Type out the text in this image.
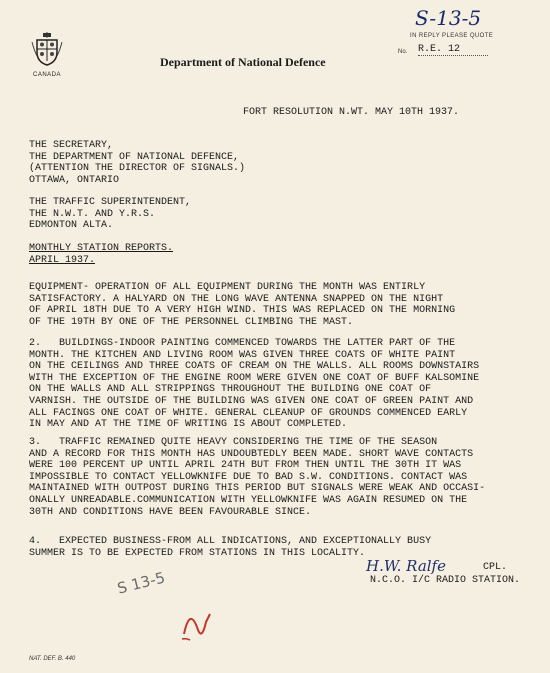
CANADA
Department of National Defence
S-13-5
IN REPLY PLEASE QUOTE
No. R.E. 12
FORT RESOLUTION N.WT. MAY 10TH 1937.
THE SECRETARY,
THE DEPARTMENT OF NATIONAL DEFENCE,
(ATTENTION THE DIRECTOR OF SIGNALS.)
OTTAWA, ONTARIO
THE TRAFFIC SUPERINTENDENT,
THE N.W.T. AND Y.R.S.
EDMONTON ALTA.
MONTHLY STATION REPORTS.
APRIL 1937.
EQUIPMENT- OPERATION OF ALL EQUIPMENT DURING THE MONTH WAS ENTIRLY
SATISFACTORY. A HALYARD ON THE LONG WAVE ANTENNA SNAPPED ON THE NIGHT
OF APRIL 18TH DUE TO A VERY HIGH WIND. THIS WAS REPLACED ON THE MORNING
OF THE 19TH BY ONE OF THE PERSONNEL CLIMBING THE MAST.
2.   BUILDINGS-INDOOR PAINTING COMMENCED TOWARDS THE LATTER PART OF THE
MONTH. THE KITCHEN AND LIVING ROOM WAS GIVEN THREE COATS OF WHITE PAINT
ON THE CEILINGS AND THREE COATS OF CREAM ON THE WALLS. ALL ROOMS DOWNSTAIRS
WITH THE EXCEPTION OF THE ENGINE ROOM WERE GIVEN ONE COAT OF BUFF KALSOMINE
ON THE WALLS AND ALL STRIPPINGS THROUGHOUT THE BUILDING ONE COAT OF
VARNISH. THE OUTSIDE OF THE BUILDING WAS GIVEN ONE COAT OF GREEN PAINT AND
ALL FACINGS ONE COAT OF WHITE. GENERAL CLEANUP OF GROUNDS COMMENCED EARLY
IN MAY AND AT THE TIME OF WRITING IS ABOUT COMPLETED.
3.   TRAFFIC REMAINED QUITE HEAVY CONSIDERING THE TIME OF THE SEASON
AND A RECORD FOR THIS MONTH HAS UNDOUBTEDLY BEEN MADE. SHORT WAVE CONTACTS
WERE 100 PERCENT UP UNTIL APRIL 24TH BUT FROM THEN UNTIL THE 30TH IT WAS
IMPOSSIBLE TO CONTACT YELLOWKNIFE DUE TO BAD S.W. CONDITIONS. CONTACT WAS
MAINTAINED WITH OUTPOST DURING THIS PERIOD BUT SIGNALS WERE WEAK AND OCCASI-
ONALLY UNREADABLE.COMMUNICATION WITH YELLOWKNIFE WAS AGAIN RESUMED ON THE
30TH AND CONDITIONS HAVE BEEN FAVOURABLE SINCE.
4.   EXPECTED BUSINESS-FROM ALL INDICATIONS, AND EXCEPTIONALLY BUSY
SUMMER IS TO BE EXPECTED FROM STATIONS IN THIS LOCALITY.
H.W. Ralfe	CPL.
N.C.O. I/C RADIO STATION.
S 13-5
NAT. DEF. B. 440
